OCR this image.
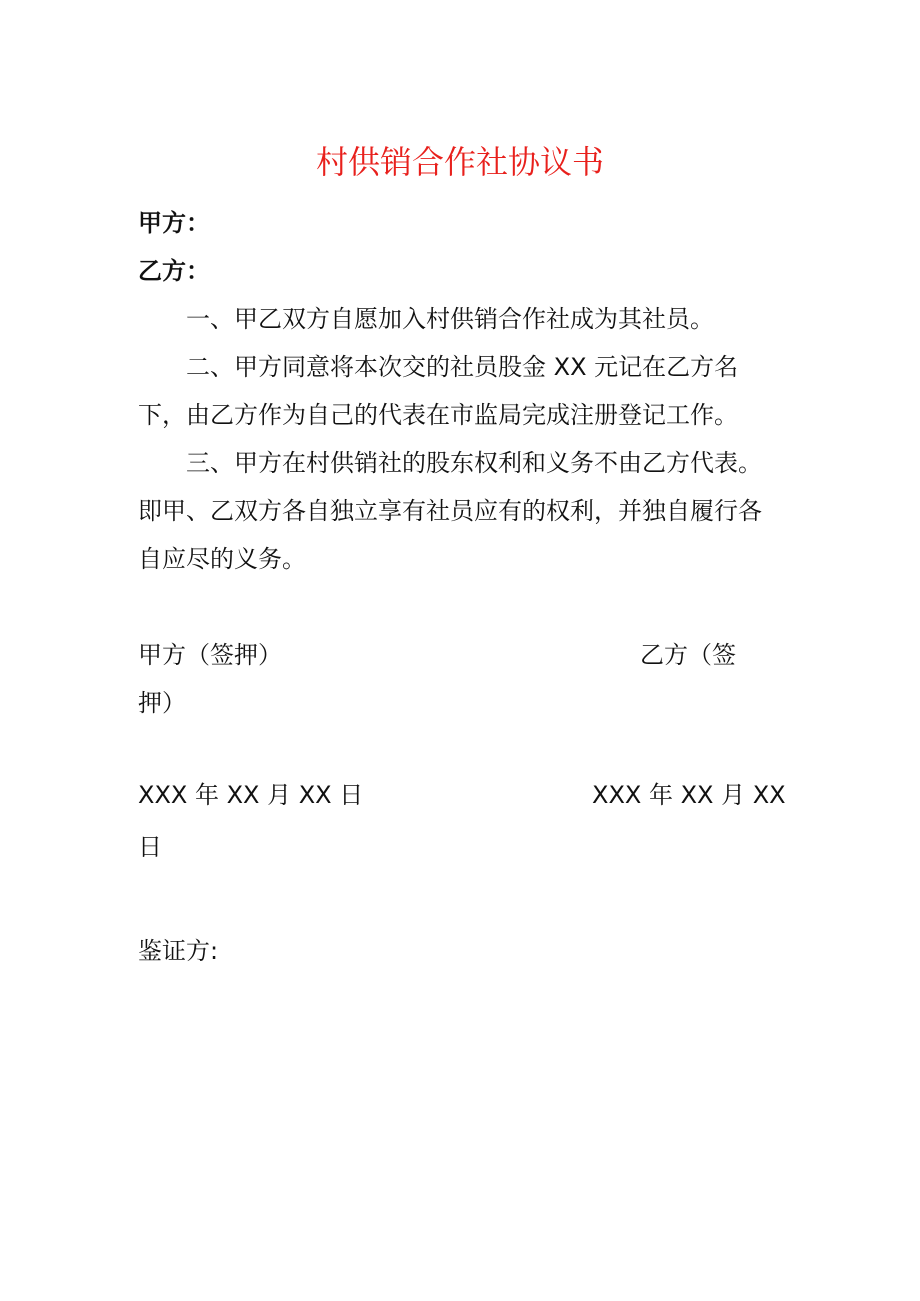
村供销合作社协议书
甲方：
乙方：
一、甲乙双方自愿加入村供销合作社成为其社员。
二、甲方同意将本次交的社员股金 XX 元记在乙方名
下，由乙方作为自己的代表在市监局完成注册登记工作。
三、甲方在村供销社的股东权利和义务不由乙方代表。
即甲、乙双方各自独立享有社员应有的权利，并独自履行各
自应尽的义务。
甲方（签押）	乙方（签
押）
XXX 年 XX 月 XX 日	XXX 年 XX 月 XX
日
鉴证方:
